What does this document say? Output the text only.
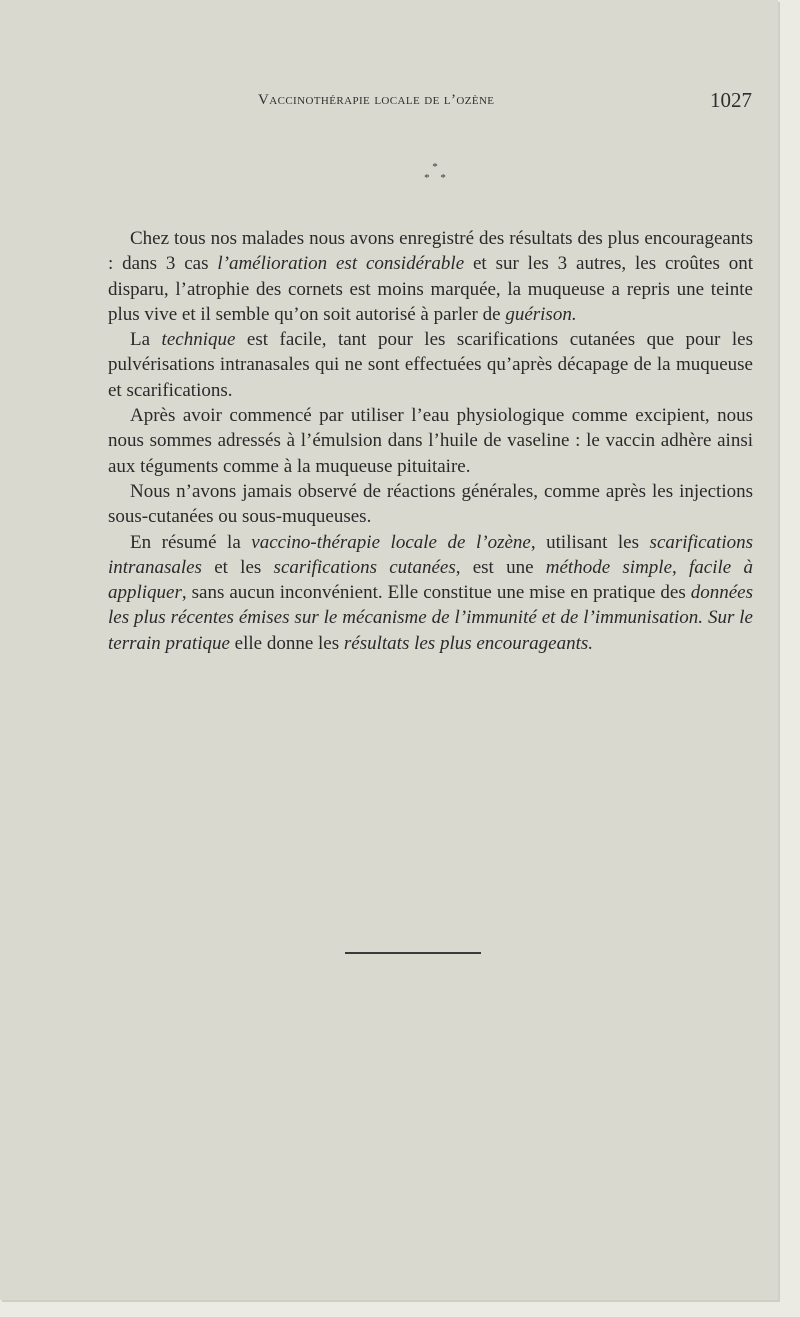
Vaccinothérapie locale de l’ozène	1027
*
* *

Chez tous nos malades nous avons enregistré des résultats des plus encourageants : dans 3 cas l’amélioration est considérable et sur les 3 autres, les croûtes ont disparu, l’atrophie des cornets est moins marquée, la muqueuse a repris une teinte plus vive et il semble qu’on soit autorisé à parler de guérison.

La technique est facile, tant pour les scarifications cutanées que pour les pulvérisations intranasales qui ne sont effectuées qu’après décapage de la muqueuse et scarifications.

Après avoir commencé par utiliser l’eau physiologique comme excipient, nous nous sommes adressés à l’émulsion dans l’huile de vaseline : le vaccin adhère ainsi aux téguments comme à la muqueuse pituitaire.

Nous n’avons jamais observé de réactions générales, comme après les injections sous-cutanées ou sous-muqueuses.

En résumé la vaccino-thérapie locale de l’ozène, utilisant les scarifications intranasales et les scarifications cutanées, est une méthode simple, facile à appliquer, sans aucun inconvénient. Elle constitue une mise en pratique des données les plus récentes émises sur le mécanisme de l’immunité et de l’immunisation. Sur le terrain pratique elle donne les résultats les plus encourageants.
